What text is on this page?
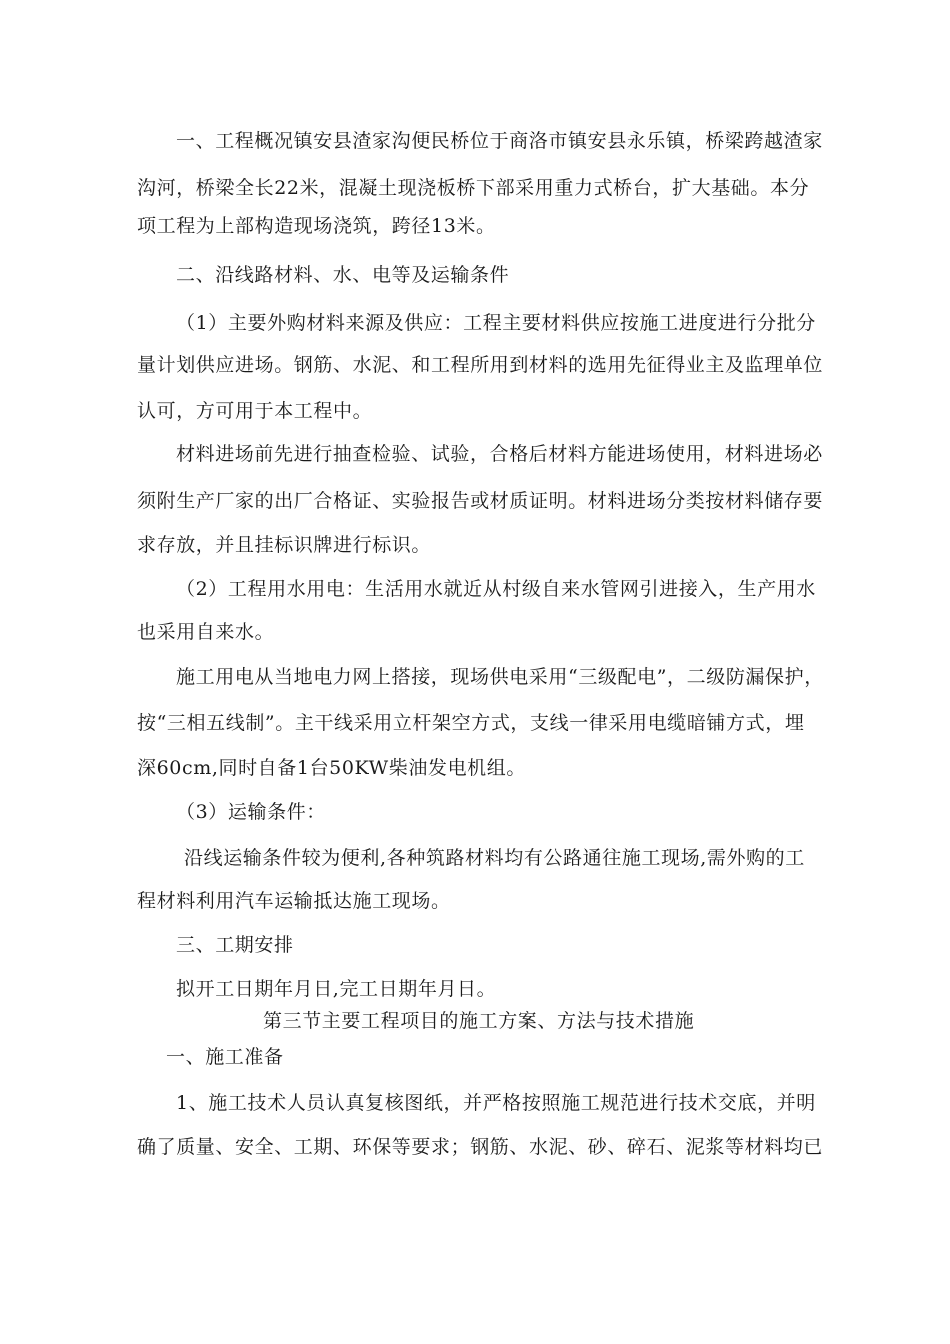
一、工程概况镇安县渣家沟便民桥位于商洛市镇安县永乐镇，桥梁跨越渣家
沟河，桥梁全长22米，混凝土现浇板桥下部采用重力式桥台，扩大基础。本分
项工程为上部构造现场浇筑，跨径13米。
二、沿线路材料、水、电等及运输条件
（1）主要外购材料来源及供应：工程主要材料供应按施工进度进行分批分
量计划供应进场。钢筋、水泥、和工程所用到材料的选用先征得业主及监理单位
认可，方可用于本工程中。
材料进场前先进行抽查检验、试验，合格后材料方能进场使用，材料进场必
须附生产厂家的出厂合格证、实验报告或材质证明。材料进场分类按材料储存要
求存放，并且挂标识牌进行标识。
（2）工程用水用电：生活用水就近从村级自来水管网引进接入，生产用水
也采用自来水。
施工用电从当地电力网上搭接，现场供电采用“三级配电”，二级防漏保护，
按“三相五线制”。主干线采用立杆架空方式，支线一律采用电缆暗铺方式，埋
深60cm,同时自备1台50KW柴油发电机组。
（3）运输条件：
沿线运输条件较为便利,各种筑路材料均有公路通往施工现场,需外购的工
程材料利用汽车运输抵达施工现场。
三、工期安排
拟开工日期年月日,完工日期年月日。
第三节主要工程项目的施工方案、方法与技术措施
一、施工准备
1、施工技术人员认真复核图纸，并严格按照施工规范进行技术交底，并明
确了质量、安全、工期、环保等要求；钢筋、水泥、砂、碎石、泥浆等材料均已
